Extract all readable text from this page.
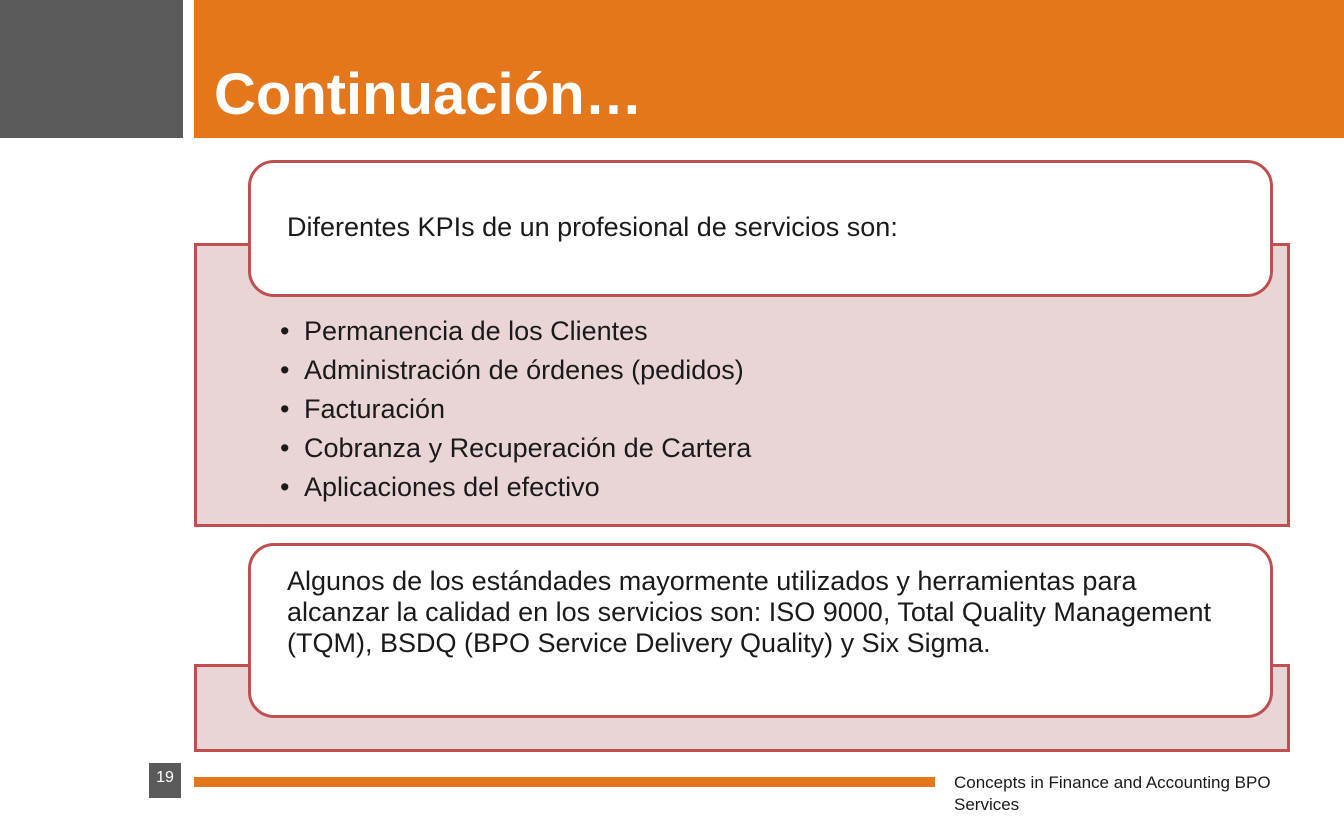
Continuación…

Diferentes KPIs de un profesional de servicios son:

• Permanencia de los Clientes
• Administración de órdenes (pedidos)
• Facturación
• Cobranza y Recuperación de Cartera
• Aplicaciones del efectivo

Algunos de los estándades mayormente utilizados y herramientas para alcanzar la calidad en los servicios son: ISO 9000, Total Quality Management (TQM), BSDQ (BPO Service Delivery Quality) y Six Sigma.

19	Concepts in Finance and Accounting BPO Services
